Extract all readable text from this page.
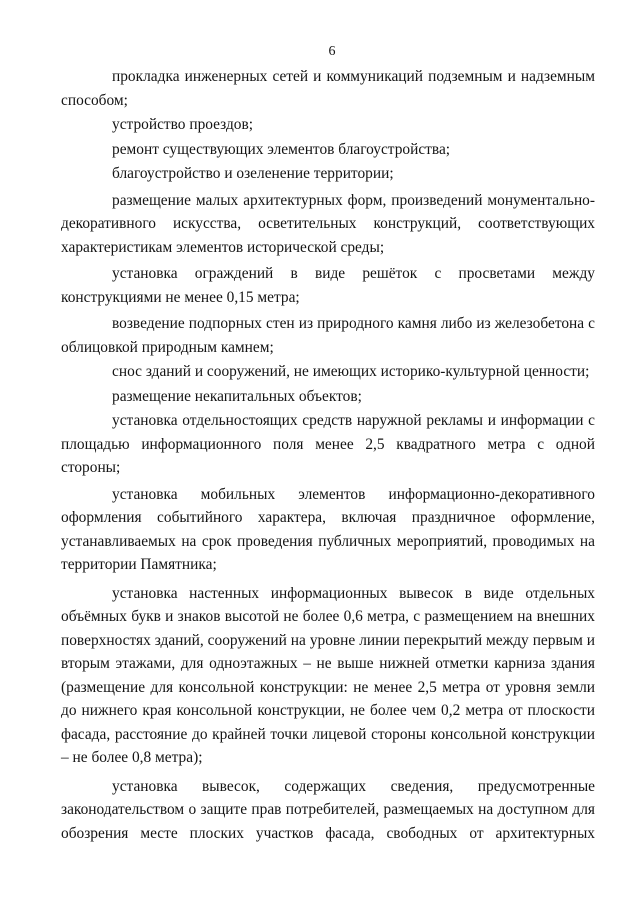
6

прокладка инженерных сетей и коммуникаций подземным и надземным способом;

устройство проездов;

ремонт существующих элементов благоустройства;

благоустройство и озеленение территории;

размещение малых архитектурных форм, произведений монументально-декоративного искусства, осветительных конструкций, соответствующих характеристикам элементов исторической среды;

установка ограждений в виде решёток с просветами между конструкциями не менее 0,15 метра;

возведение подпорных стен из природного камня либо из железобетона с облицовкой природным камнем;

снос зданий и сооружений, не имеющих историко-культурной ценности;

размещение некапитальных объектов;

установка отдельностоящих средств наружной рекламы и информации с площадью информационного поля менее 2,5 квадратного метра с одной стороны;

установка мобильных элементов информационно-декоративного оформления событийного характера, включая праздничное оформление, устанавливаемых на срок проведения публичных мероприятий, проводимых на территории Памятника;

установка настенных информационных вывесок в виде отдельных объёмных букв и знаков высотой не более 0,6 метра, с размещением на внешних поверхностях зданий, сооружений на уровне линии перекрытий между первым и вторым этажами, для одноэтажных – не выше нижней отметки карниза здания (размещение для консольной конструкции: не менее 2,5 метра от уровня земли до нижнего края консольной конструкции, не более чем 0,2 метра от плоскости фасада, расстояние до крайней точки лицевой стороны консольной конструкции – не более 0,8 метра);

установка вывесок, содержащих сведения, предусмотренные законодательством о защите прав потребителей, размещаемых на доступном для обозрения месте плоских участков фасада, свободных от архитектурных
